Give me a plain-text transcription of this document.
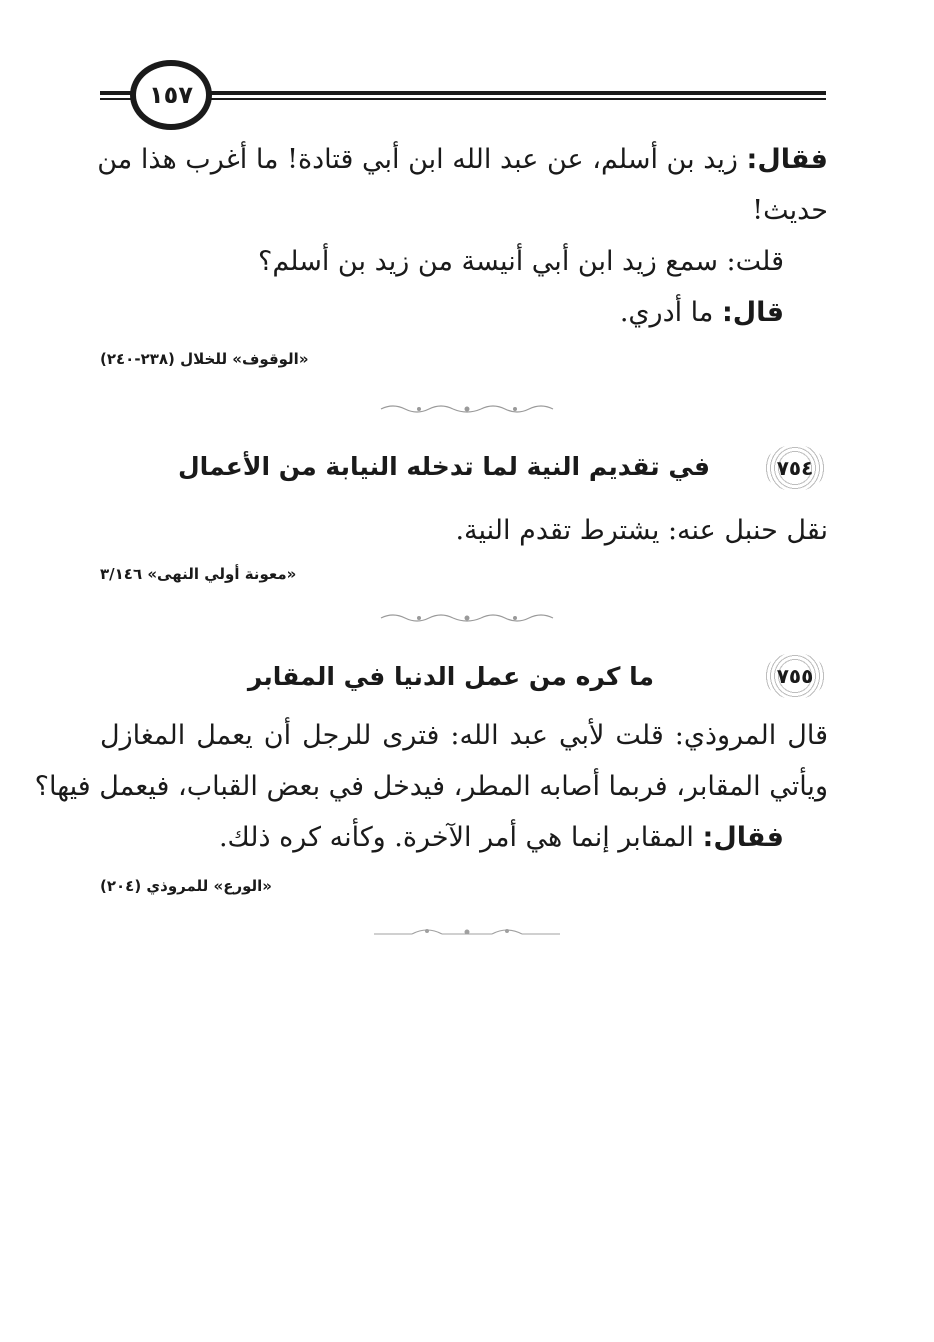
١٥٧
فقال: زيد بن أسلم، عن عبد الله ابن أبي قتادة! ما أغرب هذا من
حديث!
قلت: سمع زيد ابن أبي أنيسة من زيد بن أسلم؟
قال: ما أدري.
«الوقوف» للخلال (٢٣٨-٢٤٠)
٧٥٤
في تقديم النية لما تدخله النيابة من الأعمال
نقل حنبل عنه: يشترط تقدم النية.
«معونة أولي النهى» ٣/١٤٦
٧٥٥
ما كره من عمل الدنيا في المقابر
قال المروذي: قلت لأبي عبد الله: فترى للرجل أن يعمل المغازل
ويأتي المقابر، فربما أصابه المطر، فيدخل في بعض القباب، فيعمل فيها؟
فقال: المقابر إنما هي أمر الآخرة. وكأنه كره ذلك.
«الورع» للمروذي (٢٠٤)
